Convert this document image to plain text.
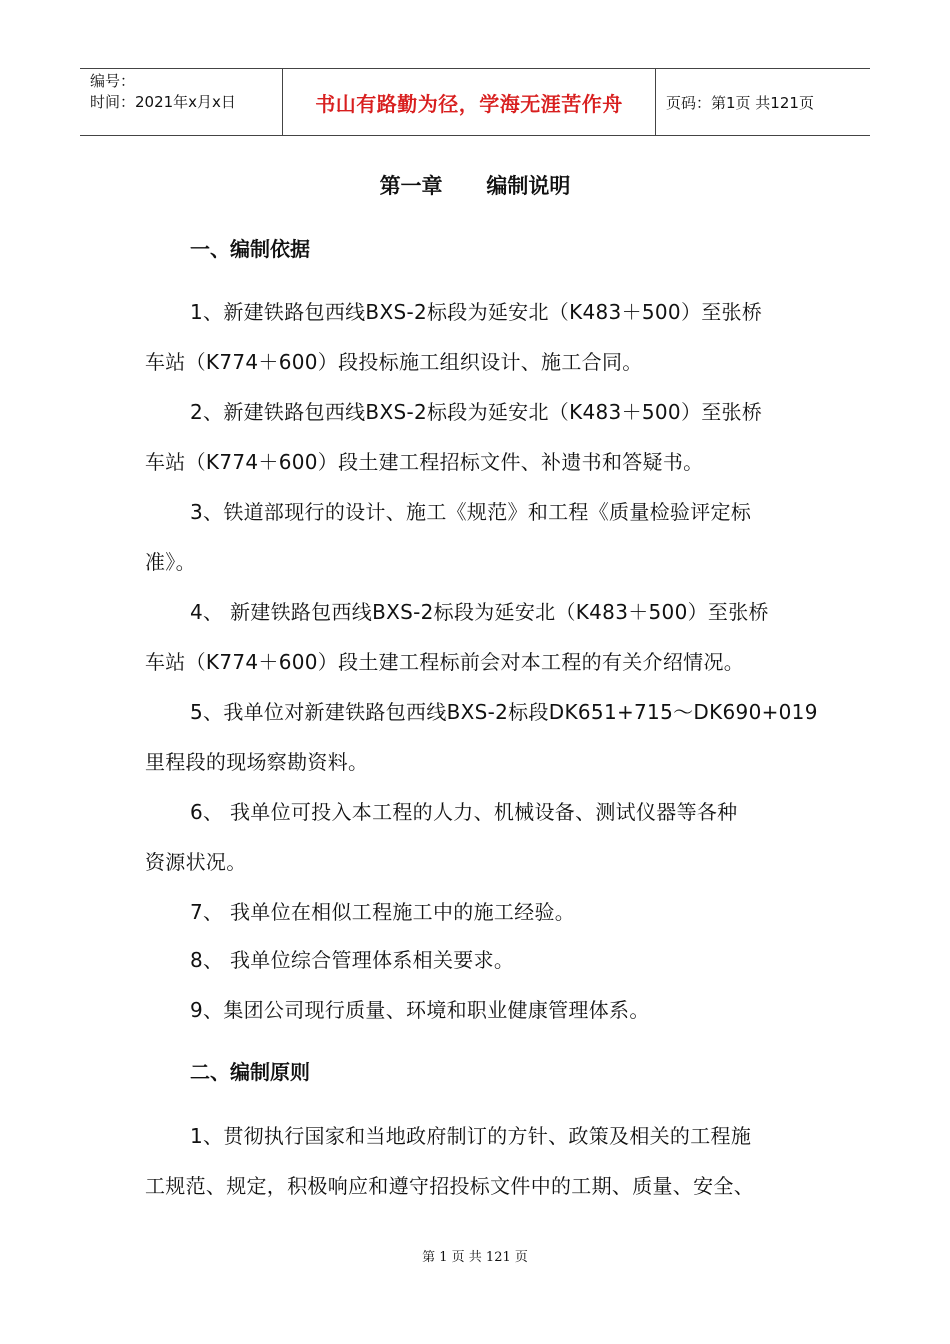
编号：
时间：2021年x月x日	书山有路勤为径，学海无涯苦作舟	页码：第1页 共121页
第一章      编制说明
一、编制依据
1、新建铁路包西线BXS-2标段为延安北（K483＋500）至张桥
车站（K774＋600）段投标施工组织设计、施工合同。
2、新建铁路包西线BXS-2标段为延安北（K483＋500）至张桥
车站（K774＋600）段土建工程招标文件、补遗书和答疑书。
3、铁道部现行的设计、施工《规范》和工程《质量检验评定标
准》。
4、 新建铁路包西线BXS-2标段为延安北（K483＋500）至张桥
车站（K774＋600）段土建工程标前会对本工程的有关介绍情况。
5、我单位对新建铁路包西线BXS-2标段DK651+715～DK690+019
里程段的现场察勘资料。
6、 我单位可投入本工程的人力、机械设备、测试仪器等各种
资源状况。
7、 我单位在相似工程施工中的施工经验。
8、 我单位综合管理体系相关要求。
9、集团公司现行质量、环境和职业健康管理体系。
二、编制原则
1、贯彻执行国家和当地政府制订的方针、政策及相关的工程施
工规范、规定，积极响应和遵守招投标文件中的工期、质量、安全、
第 1 页 共 121 页
